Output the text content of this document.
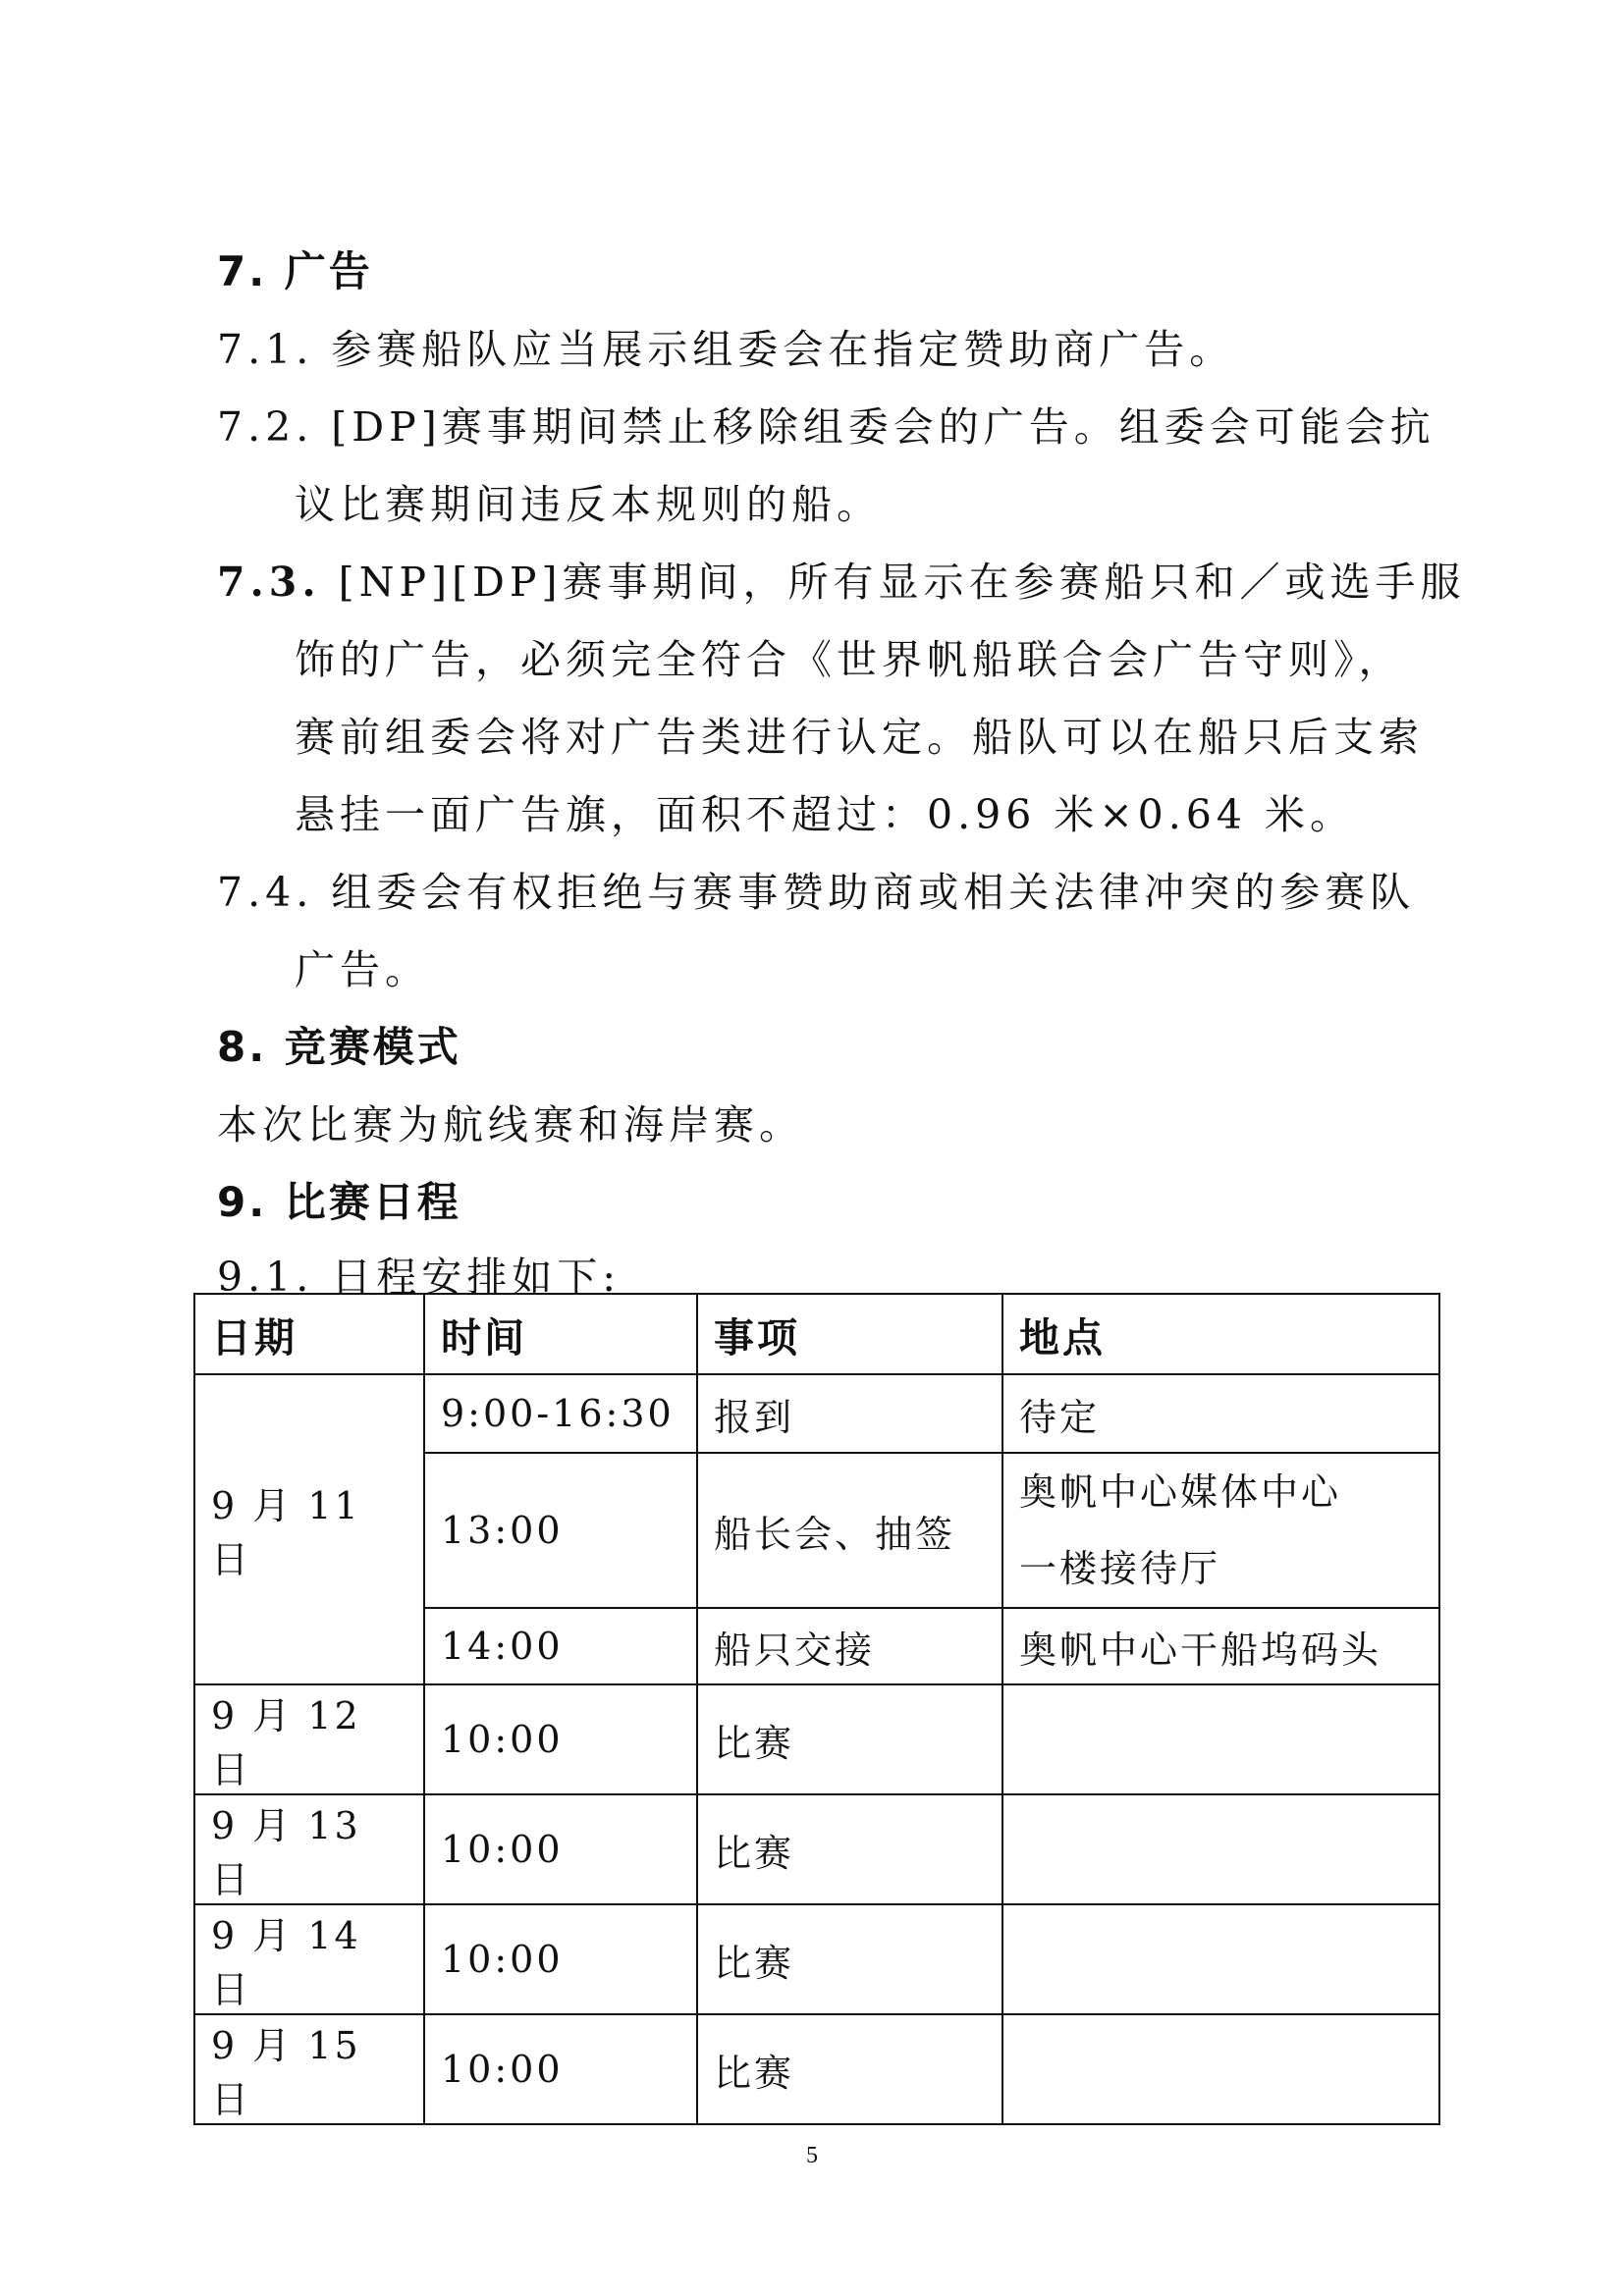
7. 广告
7.1. 参赛船队应当展示组委会在指定赞助商广告。
7.2. [DP]赛事期间禁止移除组委会的广告。组委会可能会抗
议比赛期间违反本规则的船。
7.3. [NP][DP]赛事期间，所有显示在参赛船只和／或选手服
饰的广告，必须完全符合《世界帆船联合会广告守则》，
赛前组委会将对广告类进行认定。船队可以在船只后支索
悬挂一面广告旗，面积不超过：0.96 米×0.64 米。
7.4. 组委会有权拒绝与赛事赞助商或相关法律冲突的参赛队
广告。
8. 竞赛模式
本次比赛为航线赛和海岸赛。
9. 比赛日程
9.1. 日程安排如下:
日期	时间	事项	地点
9 月 11 日	9:00-16:30	报到	待定
	13:00	船长会、抽签	奥帆中心媒体中心
一楼接待厅

	14:00	船只交接	奥帆中心干船坞码头
9 月 12 日	10:00	比赛	
9 月 13 日	10:00	比赛	
9 月 14 日	10:00	比赛	
9 月 15 日	10:00	比赛	
5
